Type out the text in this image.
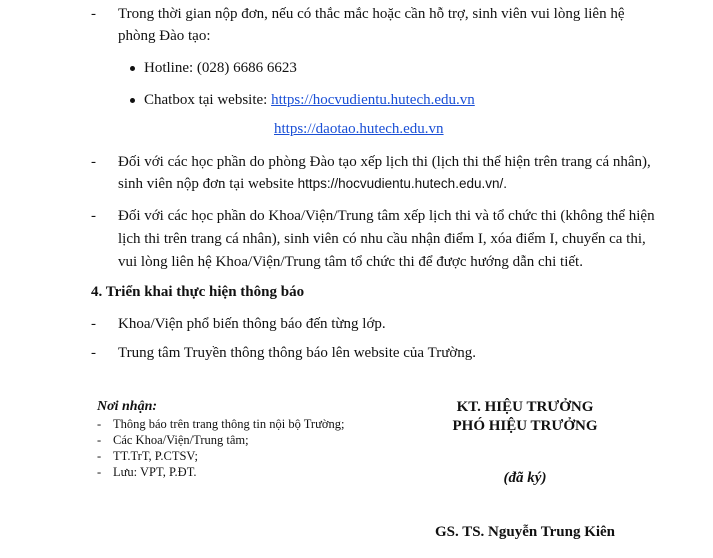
- Trong thời gian nộp đơn, nếu có thắc mắc hoặc cần hỗ trợ, sinh viên vui lòng liên hệ
phòng Đào tạo:
Hotline: (028) 6686 6623
Chatbox tại website: https://hocvudientu.hutech.edu.vn
https://daotao.hutech.edu.vn
- Đối với các học phần do phòng Đào tạo xếp lịch thi (lịch thi thể hiện trên trang cá nhân),
sinh viên nộp đơn tại website https://hocvudientu.hutech.edu.vn/.
- Đối với các học phần do Khoa/Viện/Trung tâm xếp lịch thi và tổ chức thi (không thể hiện
lịch thi trên trang cá nhân), sinh viên có nhu cầu nhận điểm I, xóa điểm I, chuyển ca thi,
vui lòng liên hệ Khoa/Viện/Trung tâm tổ chức thi để được hướng dẫn chi tiết.
4. Triển khai thực hiện thông báo
- Khoa/Viện phổ biến thông báo đến từng lớp.
- Trung tâm Truyền thông thông báo lên website của Trường.
Nơi nhận:
- Thông báo trên trang thông tin nội bộ Trường;
- Các Khoa/Viện/Trung tâm;
- TT.TrT, P.CTSV;
- Lưu: VPT, P.ĐT.
KT. HIỆU TRƯỞNG
PHÓ HIỆU TRƯỞNG
(đã ký)
GS. TS. Nguyễn Trung Kiên
